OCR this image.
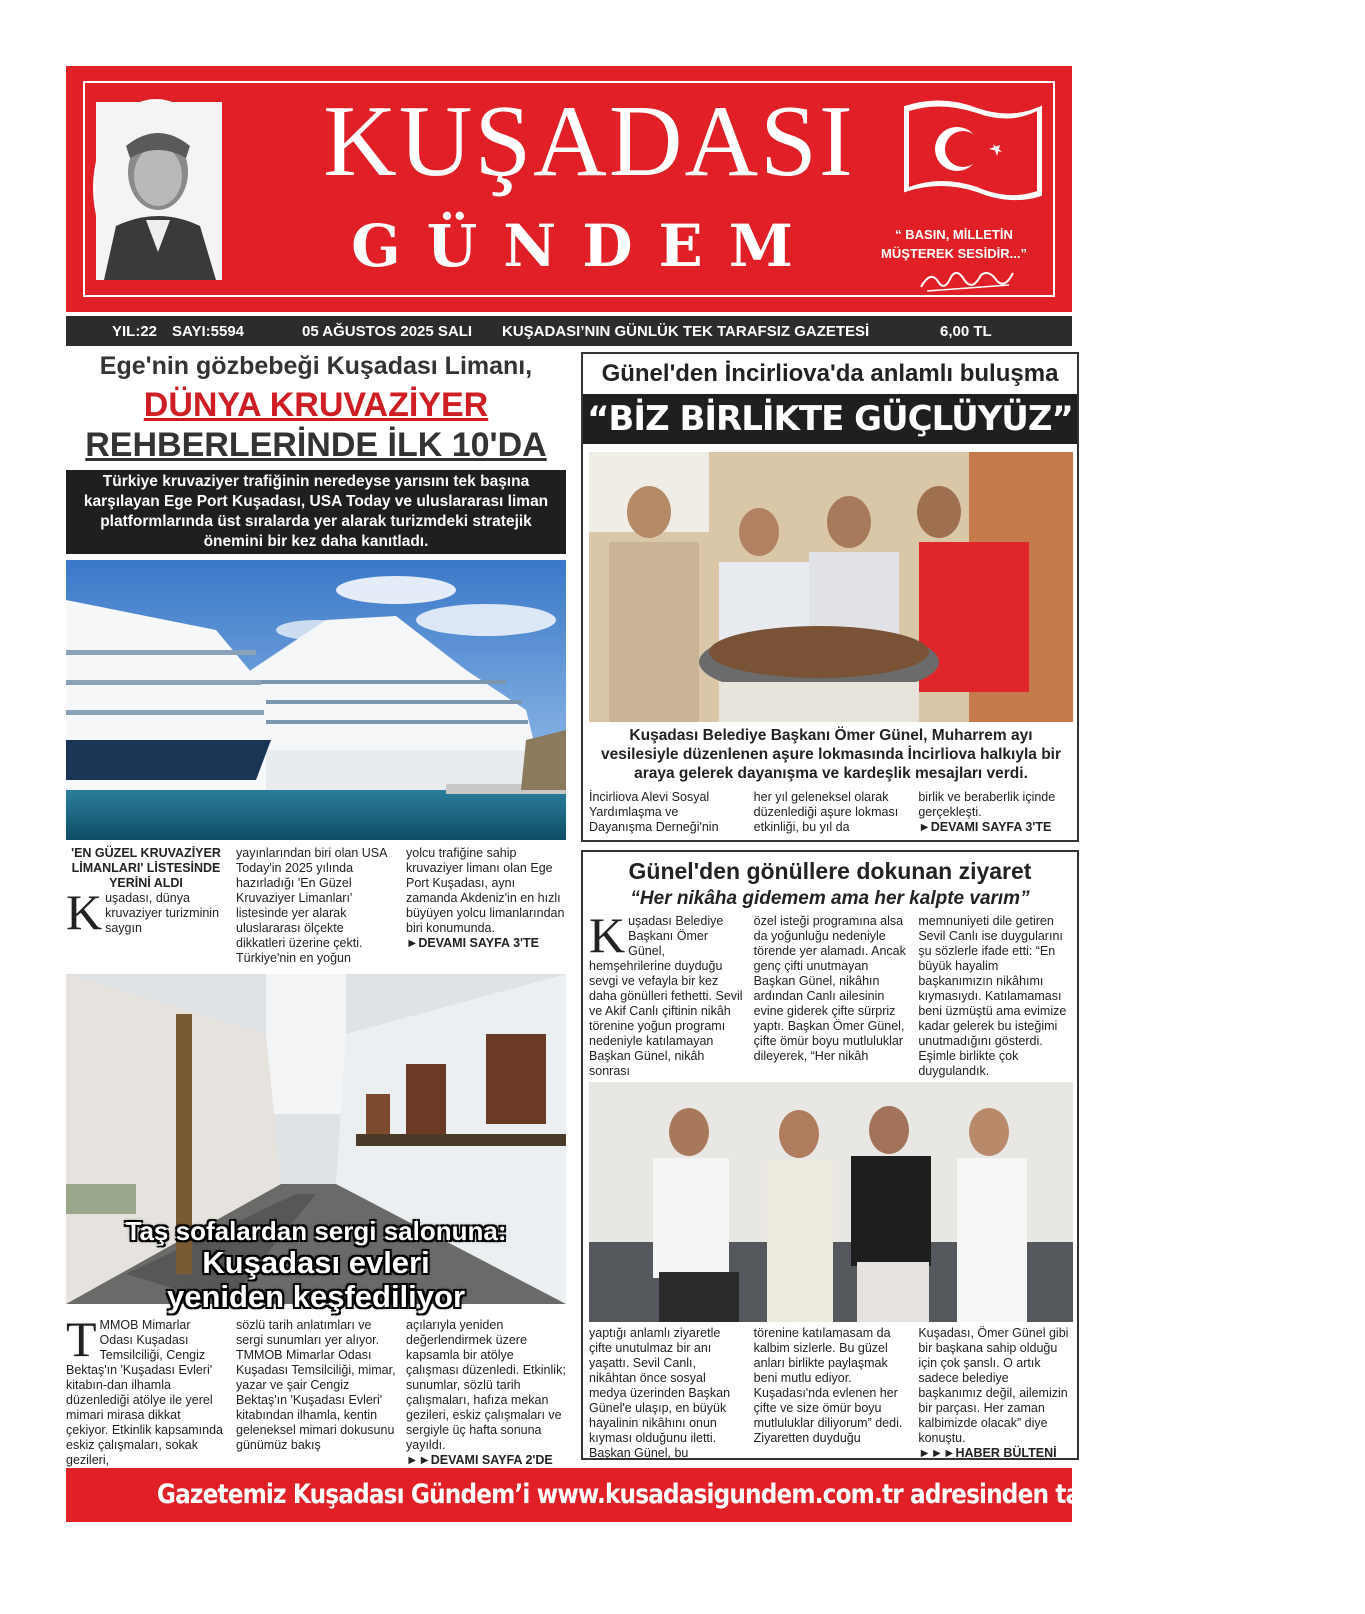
KUŞADASI
GÜNDEM	“ BASIN, MİLLETİN
MÜŞTEREK SESİDİR...”
YIL:22 SAYI:5594	05 AĞUSTOS 2025 SALI KUŞADASI’NIN GÜNLÜK TEK TARAFSIZ GAZETESİ	6,00 TL
Ege'nin gözbebeği Kuşadası Limanı,
DÜNYA KRUVAZİYER
REHBERLERİNDE İLK 10'DA
Türkiye kruvaziyer trafiğinin neredeyse yarısını tek başına karşılayan Ege Port Kuşadası, USA Today ve uluslararası liman platformlarında üst sıralarda yer alarak turizmdeki stratejik önemini bir kez daha kanıtladı.
'EN GÜZEL KRUVAZİYER LİMANLARI' LİSTESİNDE YERİNİ ALDI
K uşadası, dünya kruvaziyer turizminin saygın
yayınlarından biri olan USA Today'in 2025 yılında hazırladığı 'En Güzel Kruvaziyer Limanları' listesinde yer alarak uluslararası ölçekte dikkatleri üzerine çekti. Türkiye'nin en yoğun
yolcu trafiğine sahip kruvaziyer limanı olan Ege Port Kuşadası, aynı zamanda Akdeniz'in en hızlı büyüyen yolcu limanlarından biri konumunda.
►DEVAMI SAYFA 3'TE
Taş sofalardan sergi salonuna:
Kuşadası evleri
yeniden keşfediliyor
T MMOB Mimarlar Odası Kuşadası Temsilciliği, Cengiz Bektaş'ın 'Kuşadası Evleri' kitabın-dan ilhamla düzenlediği atölye ile yerel mimari mirasa dikkat çekiyor. Etkinlik kapsamında eskiz çalışmaları, sokak gezileri,
sözlü tarih anlatımları ve sergi sunumları yer alıyor. TMMOB Mimarlar Odası Kuşadası Temsilciliği, mimar, yazar ve şair Cengiz Bektaş'ın 'Kuşadası Evleri' kitabından ilhamla, kentin geleneksel mimari dokusunu günümüz bakış
açılarıyla yeniden değerlendirmek üzere kapsamla bir atölye çalışması düzenledi. Etkinlik; sunumlar, sözlü tarih çalışmaları, hafıza mekan gezileri, eskiz çalışmaları ve sergiyle üç hafta sonuna yayıldı.
►►DEVAMI SAYFA 2'DE
Günel'den İncirliova'da anlamlı buluşma
“BİZ BİRLİKTE GÜÇLÜYÜZ”
Kuşadası Belediye Başkanı Ömer Günel, Muharrem ayı vesilesiyle düzenlenen aşure lokmasında İncirliova halkıyla bir araya gelerek dayanışma ve kardeşlik mesajları verdi.
İncirliova Alevi Sosyal Yardımlaşma ve Dayanışma Derneği'nin
her yıl geleneksel olarak düzenlediği aşure lokması etkinliği, bu yıl da
birlik ve beraberlik içinde gerçekleşti.
►DEVAMI SAYFA 3'TE
Günel'den gönüllere dokunan ziyaret
“Her nikâha gidemem ama her kalpte varım”
K uşadası Belediye Başkanı Ömer Günel, hemşehrilerine duyduğu sevgi ve vefayla bir kez daha gönülleri fethetti. Sevil ve Akif Canlı çiftinin nikâh törenine yoğun programı nedeniyle katılamayan Başkan Günel, nikâh sonrası
özel isteği programına alsa da yoğunluğu nedeniyle törende yer alamadı. Ancak genç çifti unutmayan Başkan Günel, nikâhın ardından Canlı ailesinin evine giderek çifte sürpriz yaptı. Başkan Ömer Günel, çifte ömür boyu mutluluklar dileyerek, “Her nikâh
memnuniyeti dile getiren Sevil Canlı ise duygularını şu sözlerle ifade etti: “En büyük hayalim başkanımızın nikâhımı kıymasıydı. Katılamaması beni üzmüştü ama evimize kadar gelerek bu isteğimi unutmadığını gösterdi. Eşimle birlikte çok duygulandık.
yaptığı anlamlı ziyaretle çifte unutulmaz bir anı yaşattı. Sevil Canlı, nikâhtan önce sosyal medya üzerinden Başkan Günel'e ulaşıp, en büyük hayalinin nikâhını onun kıyması olduğunu iletti. Başkan Günel, bu
törenine katılamasam da kalbim sizlerle. Bu güzel anları birlikte paylaşmak beni mutlu ediyor. Kuşadası'nda evlenen her çifte ve size ömür boyu mutluluklar diliyorum” dedi. Ziyaretten duyduğu
Kuşadası, Ömer Günel gibi bir başkana sahip olduğu için çok şanslı. O artık sadece belediye başkanımız değil, ailemizin bir parçası. Her zaman kalbimizde olacak” diye konuştu.
►►►HABER BÜLTENİ
Gazetemiz Kuşadası Gündem’i www.kusadasigundem.com.tr adresinden takip edebilirsiniz
